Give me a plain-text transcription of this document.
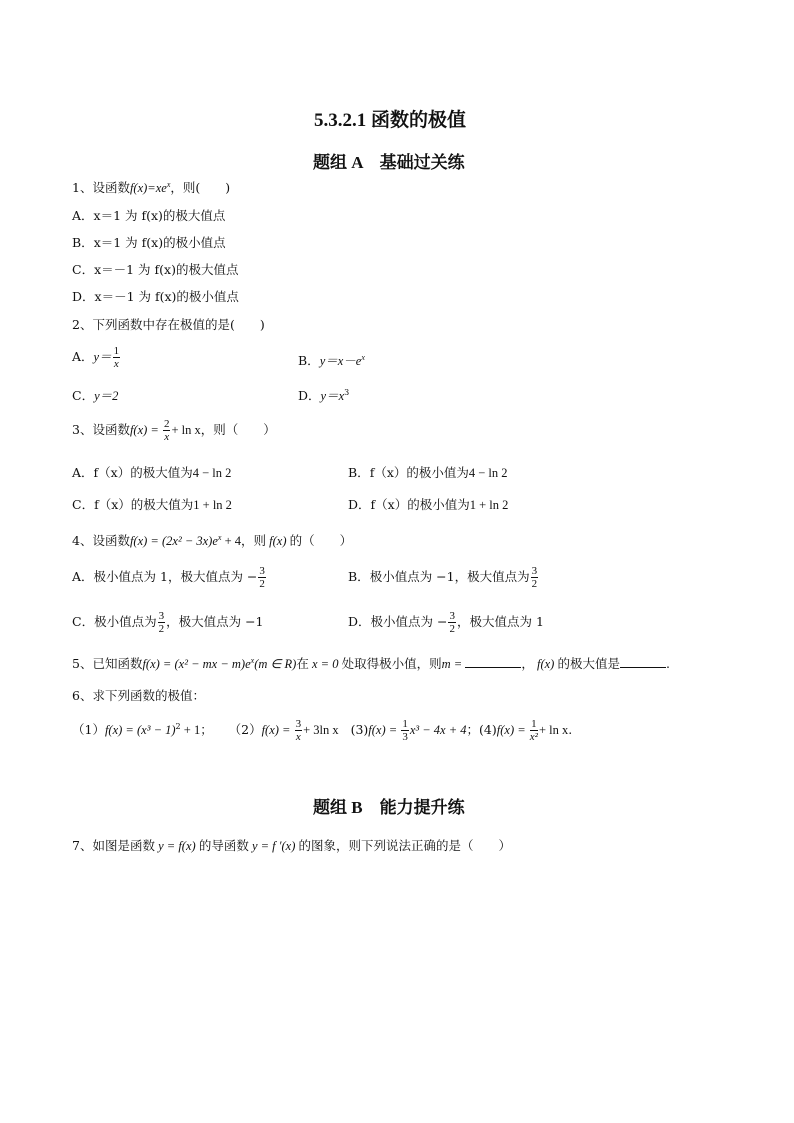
5.3.2.1 函数的极值
题组 A　基础过关练
1、设函数$f(x)=xe^x$，则(　　)
A．x＝1 为 f(x)的极大值点
B．x＝1 为 f(x)的极小值点
C．x＝－1 为 f(x)的极大值点
D．x＝－1 为 f(x)的极小值点
2、下列函数中存在极值的是(　　)
A．$y= \frac{1}{x}$	B．$y=x-e^x$
C．y＝2	D．$y=x^3$
3、设函数$f(x) = \frac{2}{x} + \ln x$，则（　　）
A．f（x）的极大值为4 − ln 2	B．f（x）的极小值为4 − ln 2
C．f（x）的极大值为1 + ln 2	D．f（x）的极小值为1 + ln 2
4、设函数$f(x) = (2x^2 - 3x)e^x + 4$，则 f(x) 的（　　）
A．极小值点为 1，极大值点为 − $\frac{3}{2}$	B．极小值点为 −1，极大值点为 $\frac{3}{2}$
C．极小值点为 $\frac{3}{2}$ ，极大值点为 −1	D．极小值点为 − $\frac{3}{2}$ ，极大值点为 1
5、已知函数f(x) = (x² − mx − $m)e^x(m$ ∈ R)在 x = 0 处取得极小值，则m =	， f(x) 的极大值是	.
6、求下列函数的极值：
$(1)f(x) = (x^3 - 1)^2 + 1$； $(2)f(x) = \frac{3}{x} + 3\ln$ x $(3)f(x) = \frac{1}{3} x^3 - 4x + 4$；$(4)f(x) = \frac{1}{\text{x²}} + \ln x$.
题组 B　能力提升练
7、如图是函数 y = f(x) 的导函数 y = f ′(x) 的图象，则下列说法正确的是（　　）
